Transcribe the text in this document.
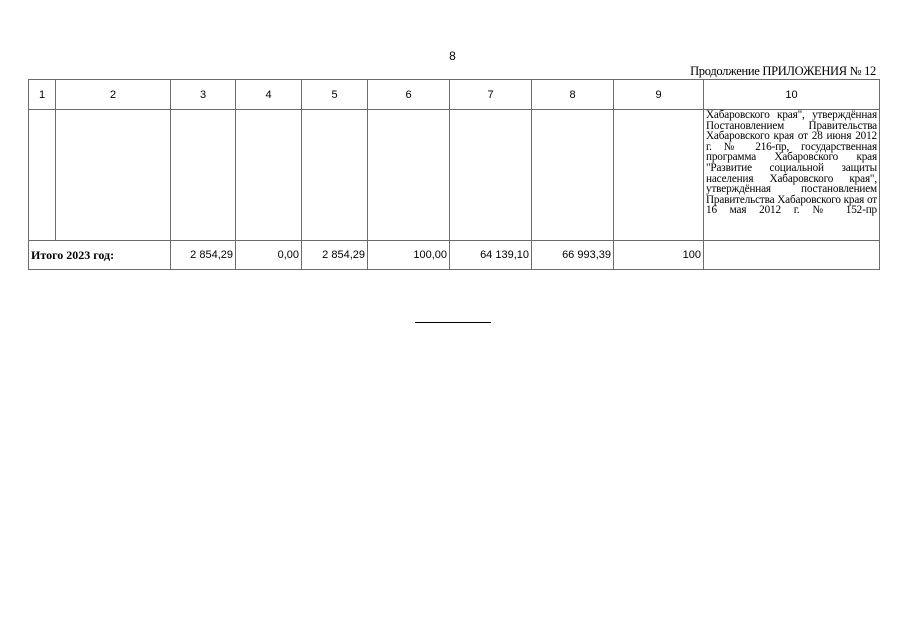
8
Продолжение ПРИЛОЖЕНИЯ № 12
1	2	3	4	5	6	7	8	9	10
									Хабаровского края", утверждённая Постановлением Правительства Хабаровского края от 28 июня 2012 г. № 216-пр, государственная программа Хабаровского края "Развитие социальной защиты населения Хабаровского края", утверждённая постановлением Правительства Хабаровского края от 16 мая 2012 г. № 152-пр
Итого 2023 год:		2 854,29	0,00	2 854,29	100,00	64 139,10	66 993,39	100	
